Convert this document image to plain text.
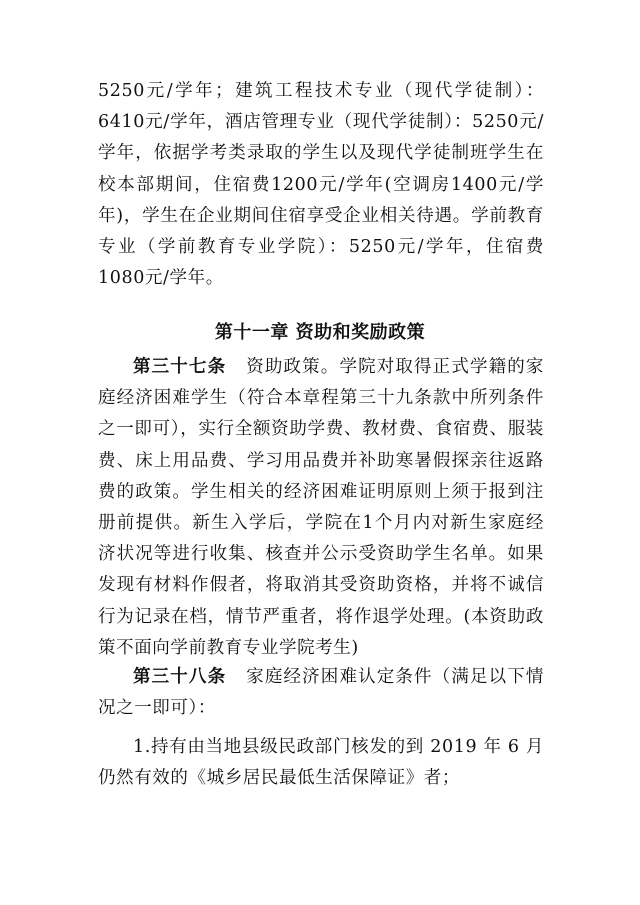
5250元/学年；建筑工程技术专业（现代学徒制）：6410元/学年，酒店管理专业（现代学徒制）：5250元/学年，依据学考类录取的学生以及现代学徒制班学生在校本部期间，住宿费1200元/学年(空调房1400元/学年)，学生在企业期间住宿享受企业相关待遇。学前教育专业（学前教育专业学院）：5250元/学年，住宿费1080元/学年。

第十一章 资助和奖励政策

第三十七条 资助政策。学院对取得正式学籍的家庭经济困难学生（符合本章程第三十九条款中所列条件之一即可），实行全额资助学费、教材费、食宿费、服装费、床上用品费、学习用品费并补助寒暑假探亲往返路费的政策。学生相关的经济困难证明原则上须于报到注册前提供。新生入学后，学院在1个月内对新生家庭经济状况等进行收集、核查并公示受资助学生名单。如果发现有材料作假者，将取消其受资助资格，并将不诚信行为记录在档，情节严重者，将作退学处理。(本资助政策不面向学前教育专业学院考生)

第三十八条 家庭经济困难认定条件（满足以下情况之一即可）：

1.持有由当地县级民政部门核发的到 2019 年 6 月仍然有效的《城乡居民最低生活保障证》者；
